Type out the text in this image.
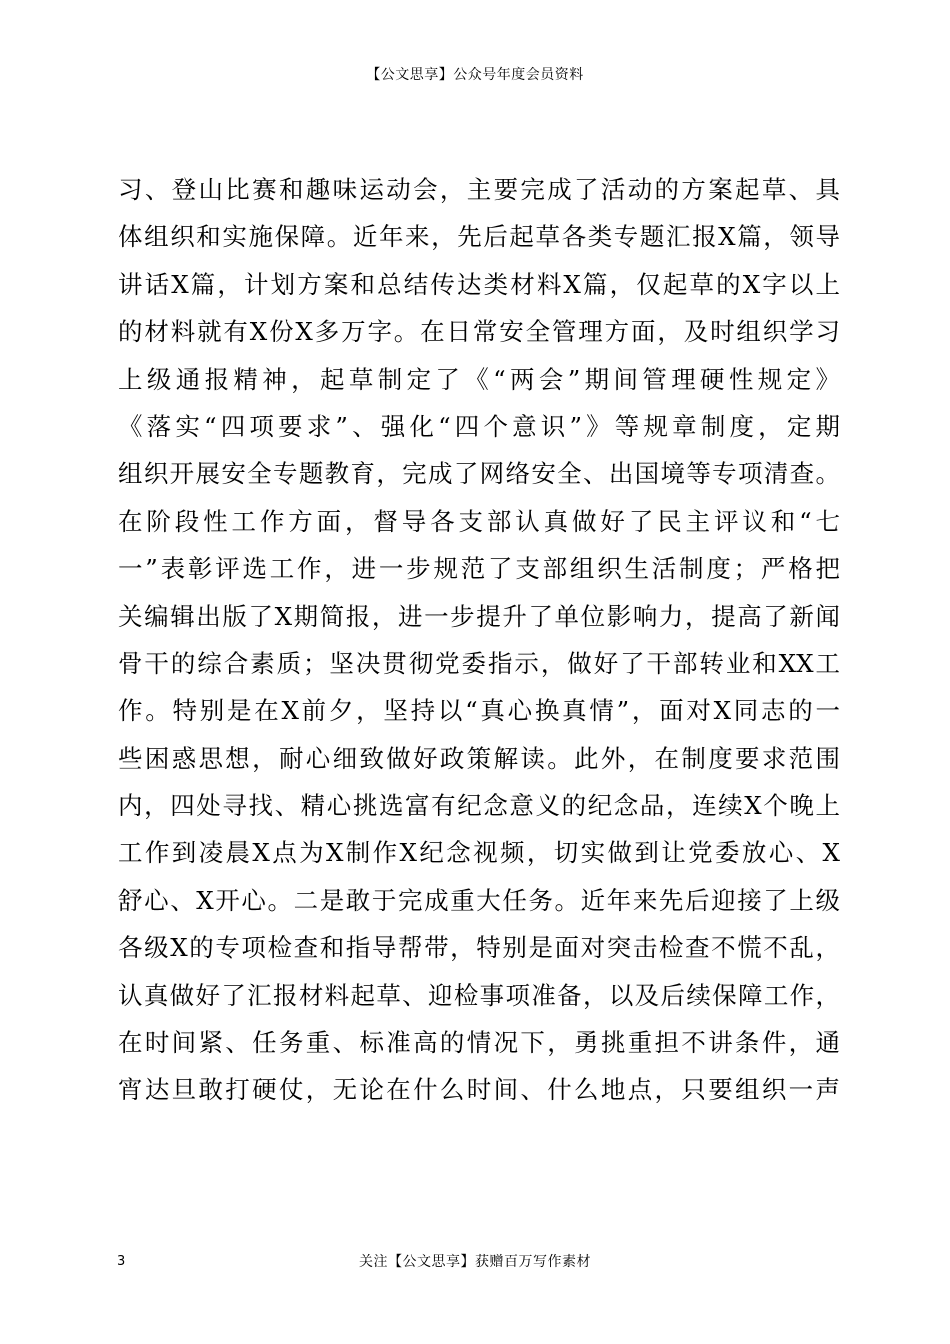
【公文思享】公众号年度会员资料
习、登山比赛和趣味运动会，主要完成了活动的方案起草、具
体组织和实施保障。近年来，先后起草各类专题汇报X篇，领导
讲话X篇，计划方案和总结传达类材料X篇，仅起草的X字以上
的材料就有X份X多万字。在日常安全管理方面，及时组织学习
上级通报精神，起草制定了《“两会”期间管理硬性规定》
《落实“四项要求”、强化“四个意识”》等规章制度，定期
组织开展安全专题教育，完成了网络安全、出国境等专项清查。
在阶段性工作方面，督导各支部认真做好了民主评议和“七
一”表彰评选工作，进一步规范了支部组织生活制度；严格把
关编辑出版了X期简报，进一步提升了单位影响力，提高了新闻
骨干的综合素质；坚决贯彻党委指示，做好了干部转业和XX工
作。特别是在X前夕，坚持以“真心换真情”，面对X同志的一
些困惑思想，耐心细致做好政策解读。此外，在制度要求范围
内，四处寻找、精心挑选富有纪念意义的纪念品，连续X个晚上
工作到凌晨X点为X制作X纪念视频，切实做到让党委放心、X
舒心、X开心。二是敢于完成重大任务。近年来先后迎接了上级
各级X的专项检查和指导帮带，特别是面对突击检查不慌不乱，
认真做好了汇报材料起草、迎检事项准备，以及后续保障工作，
在时间紧、任务重、标准高的情况下，勇挑重担不讲条件，通
宵达旦敢打硬仗，无论在什么时间、什么地点，只要组织一声
3	关注【公文思享】获赠百万写作素材
